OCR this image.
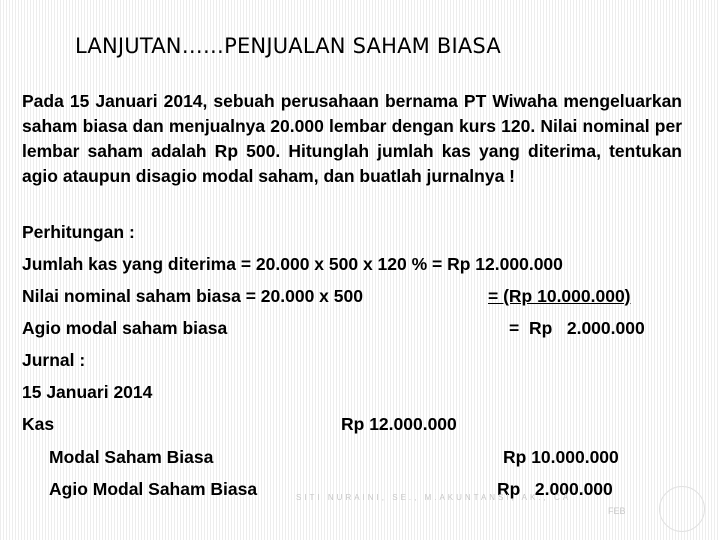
LANJUTAN……PENJUALAN SAHAM BIASA
Pada 15 Januari 2014, sebuah perusahaan bernama PT Wiwaha mengeluarkan saham biasa dan menjualnya 20.000 lembar dengan kurs 120. Nilai nominal per lembar saham adalah Rp 500. Hitunglah jumlah kas yang diterima, tentukan agio ataupun disagio modal saham, dan buatlah jurnalnya !
Perhitungan :
Jumlah kas yang diterima = 20.000 x 500 x 120 % = Rp 12.000.000
Nilai nominal saham biasa = 20.000 x 500	= (Rp 10.000.000)
Agio modal saham biasa	=  Rp   2.000.000
Jurnal :
15 Januari 2014
Kas	Rp 12.000.000
Modal Saham Biasa	Rp 10.000.000
Agio Modal Saham Biasa	Rp   2.000.000
SITI NURAINI, SE., M.AKUNTANSI, AK., CA
FEB
